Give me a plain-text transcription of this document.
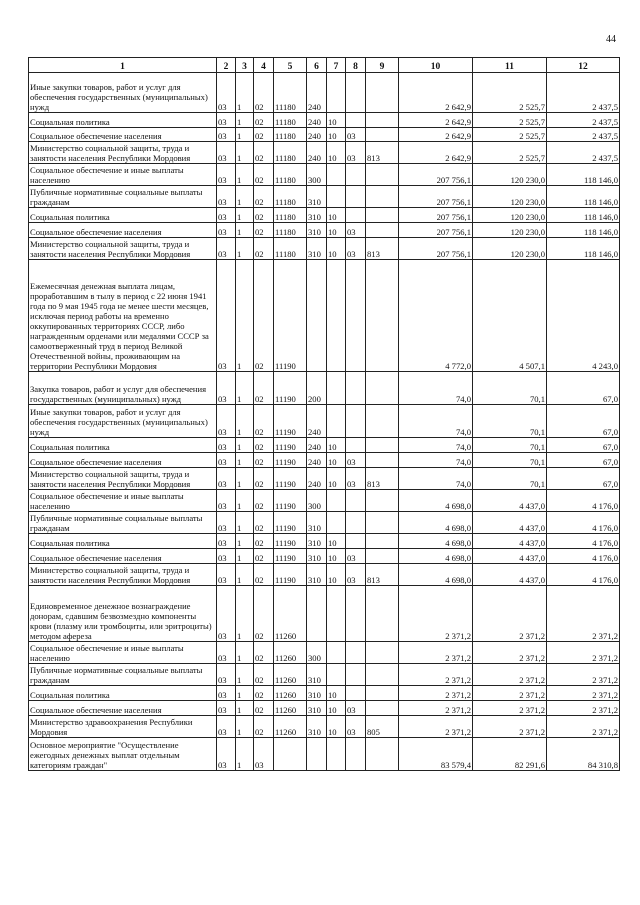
44
1	2	3	4	5	6	7	8	9	10	11	12
Иные закупки товаров, работ и услуг для обеспечения государственных (муниципальных) нужд	03	1	02	11180	240				2 642,9	2 525,7	2 437,5
Социальная политика	03	1	02	11180	240	10			2 642,9	2 525,7	2 437,5
Социальное обеспечение населения	03	1	02	11180	240	10	03		2 642,9	2 525,7	2 437,5
Министерство социальной защиты, труда и занятости населения Республики Мордовия	03	1	02	11180	240	10	03	813	2 642,9	2 525,7	2 437,5
Социальное обеспечение и иные выплаты населению	03	1	02	11180	300				207 756,1	120 230,0	118 146,0
Публичные нормативные социальные выплаты гражданам	03	1	02	11180	310				207 756,1	120 230,0	118 146,0
Социальная политика	03	1	02	11180	310	10			207 756,1	120 230,0	118 146,0
Социальное обеспечение населения	03	1	02	11180	310	10	03		207 756,1	120 230,0	118 146,0
Министерство социальной защиты, труда и занятости населения Республики Мордовия	03	1	02	11180	310	10	03	813	207 756,1	120 230,0	118 146,0
Ежемесячная денежная выплата лицам, проработавшим в тылу в период с 22 июня 1941 года по 9 мая 1945 года не менее шести месяцев, исключая период работы на временно оккупированных территориях СССР, либо награжденным орденами или медалями СССР за самоотверженный труд в период Великой Отечественной войны, проживающим на территории Республики Мордовия	03	1	02	11190					4 772,0	4 507,1	4 243,0
Закупка товаров, работ и услуг для обеспечения государственных (муниципальных) нужд	03	1	02	11190	200				74,0	70,1	67,0
Иные закупки товаров, работ и услуг для обеспечения государственных (муниципальных) нужд	03	1	02	11190	240				74,0	70,1	67,0
Социальная политика	03	1	02	11190	240	10			74,0	70,1	67,0
Социальное обеспечение населения	03	1	02	11190	240	10	03		74,0	70,1	67,0
Министерство социальной защиты, труда и занятости населения Республики Мордовия	03	1	02	11190	240	10	03	813	74,0	70,1	67,0
Социальное обеспечение и иные выплаты населению	03	1	02	11190	300				4 698,0	4 437,0	4 176,0
Публичные нормативные социальные выплаты гражданам	03	1	02	11190	310				4 698,0	4 437,0	4 176,0
Социальная политика	03	1	02	11190	310	10			4 698,0	4 437,0	4 176,0
Социальное обеспечение населения	03	1	02	11190	310	10	03		4 698,0	4 437,0	4 176,0
Министерство социальной защиты, труда и занятости населения Республики Мордовия	03	1	02	11190	310	10	03	813	4 698,0	4 437,0	4 176,0
Единовременное денежное вознаграждение донорам, сдавшим безвозмездно компоненты крови (плазму или тромбоциты, или эритроциты) методом афереза	03	1	02	11260					2 371,2	2 371,2	2 371,2
Социальное обеспечение и иные выплаты населению	03	1	02	11260	300				2 371,2	2 371,2	2 371,2
Публичные нормативные социальные выплаты гражданам	03	1	02	11260	310				2 371,2	2 371,2	2 371,2
Социальная политика	03	1	02	11260	310	10			2 371,2	2 371,2	2 371,2
Социальное обеспечение населения	03	1	02	11260	310	10	03		2 371,2	2 371,2	2 371,2
Министерство здравоохранения Республики Мордовия	03	1	02	11260	310	10	03	805	2 371,2	2 371,2	2 371,2
Основное мероприятие "Осуществление ежегодных денежных выплат отдельным категориям граждан"	03	1	03						83 579,4	82 291,6	84 310,8
